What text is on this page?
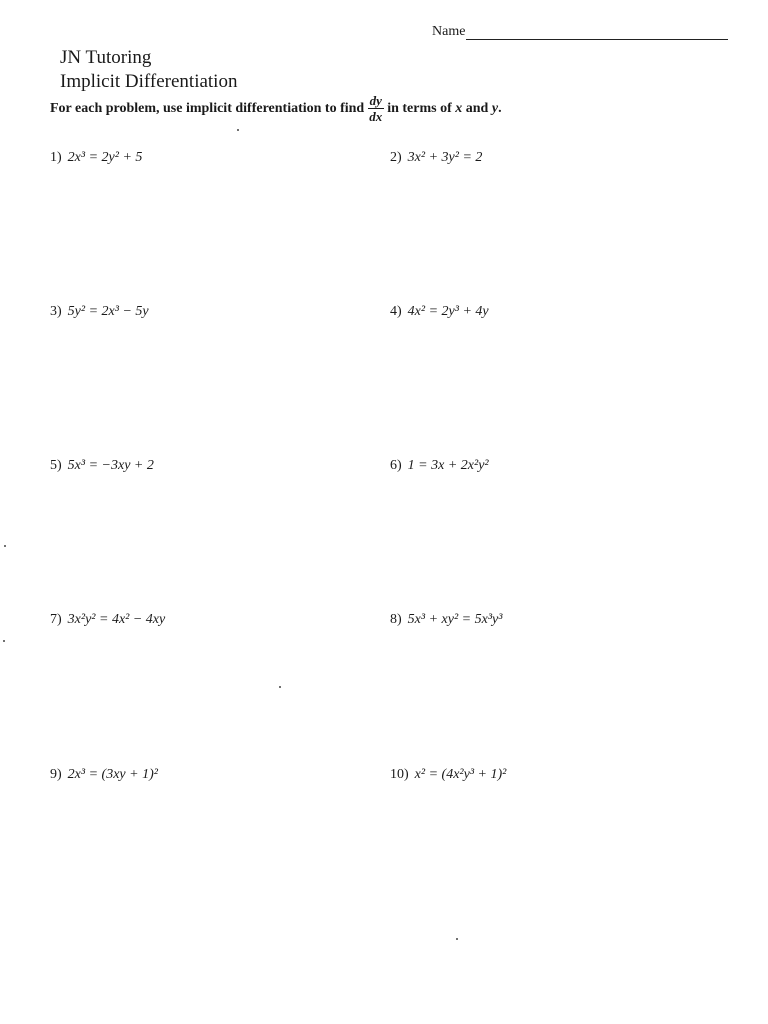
Name
JN Tutoring
Implicit Differentiation
For each problem, use implicit differentiation to find $\frac{dy}{dx}$ in terms of
x
and
y .
1) 2x³ = 2y² + 5	2) 3x² + 3y² = 2
3) 5y² = 2x³ − 5y	4) 4x² = 2y³ + 4y
5) 5x³ = −3xy + 2	6) 1 = 3x + 2x²y²
7) 3x²y² = 4x² − 4xy	8) 5x³ + xy² = 5x³y³
9) 2x³ = (3xy + 1)²	10) x² = (4x²y³ + 1)²
